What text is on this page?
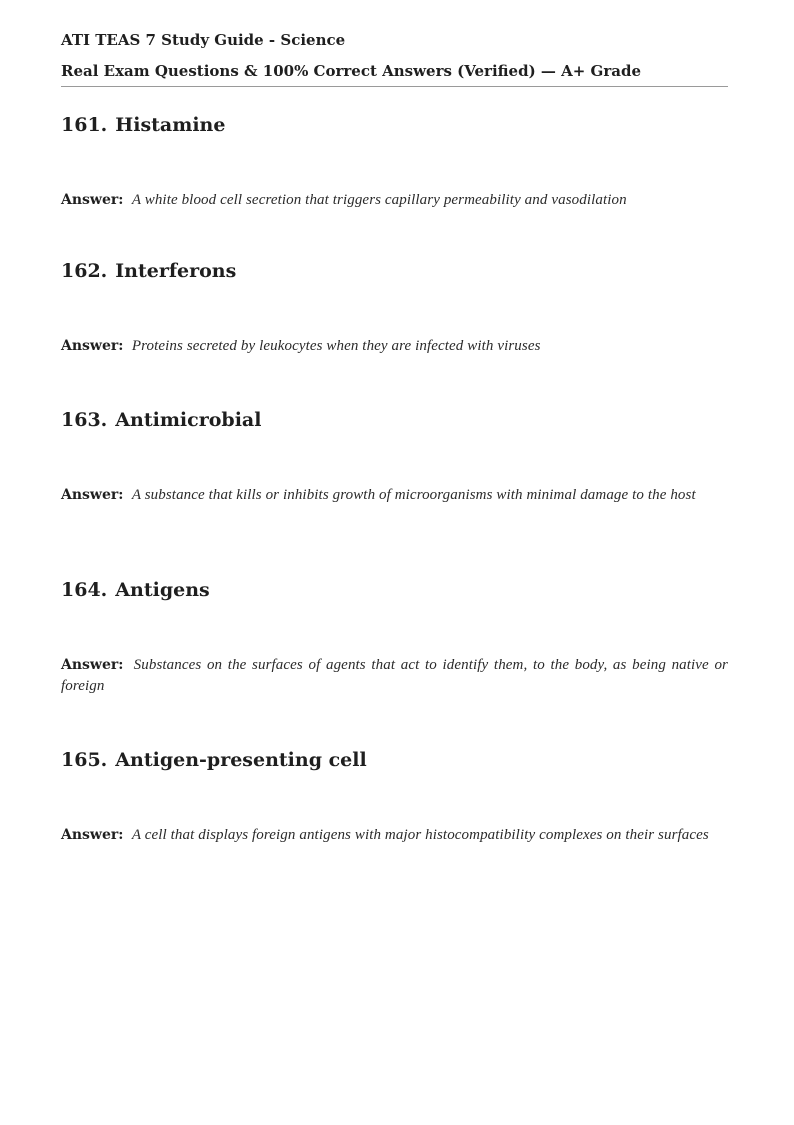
ATI TEAS 7 Study Guide - Science
Real Exam Questions & 100% Correct Answers (Verified) — A+ Grade
161. Histamine
Answer: A white blood cell secretion that triggers capillary permeability and vasodilation
162. Interferons
Answer: Proteins secreted by leukocytes when they are infected with viruses
163. Antimicrobial
Answer: A substance that kills or inhibits growth of microorganisms with minimal damage to the host
164. Antigens
Answer: Substances on the surfaces of agents that act to identify them, to the body, as being native or foreign
165. Antigen-presenting cell
Answer: A cell that displays foreign antigens with major histocompatibility complexes on their surfaces
